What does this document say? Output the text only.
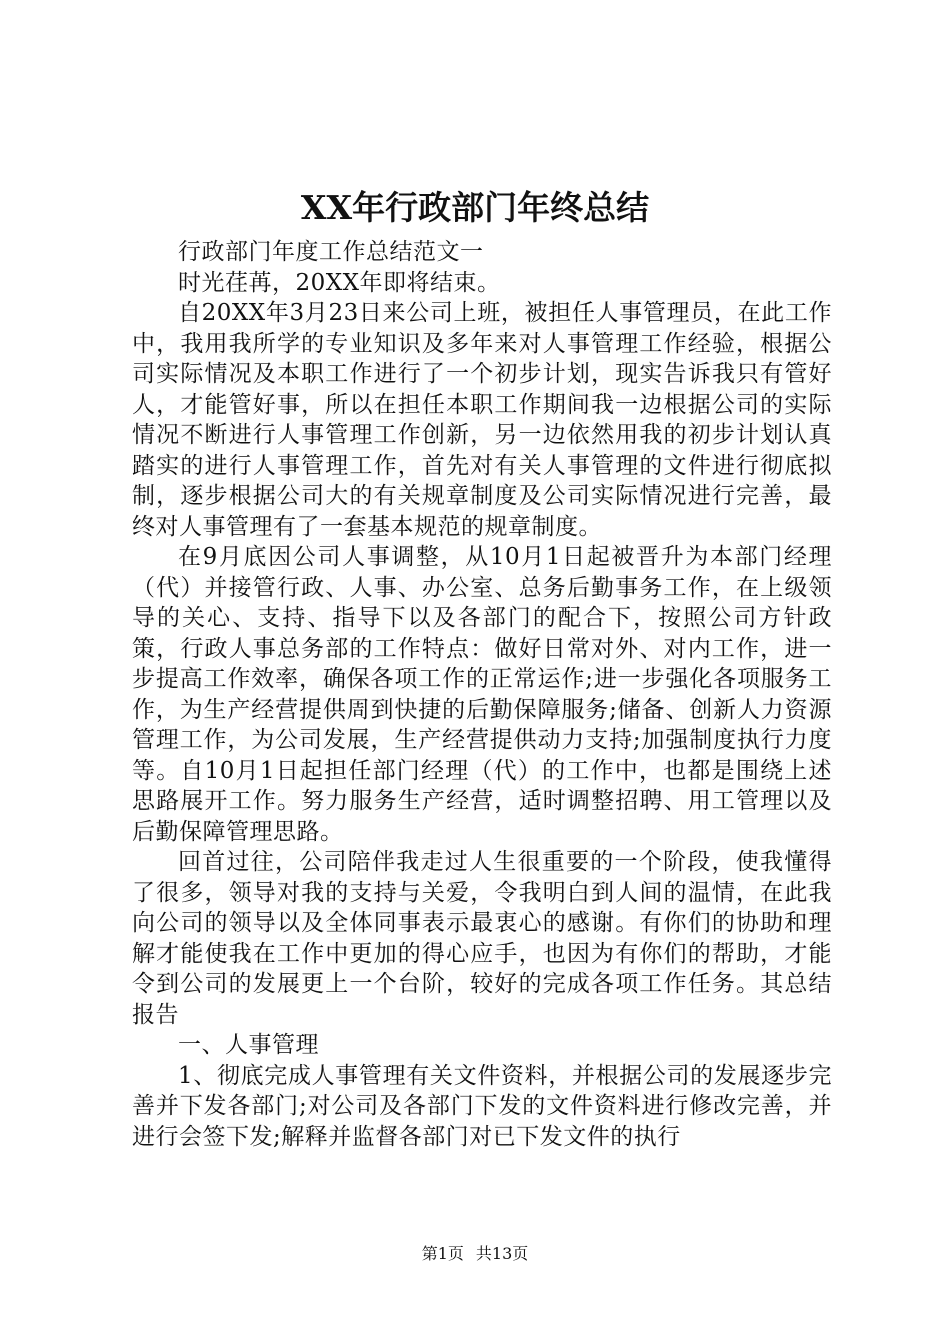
XX年行政部门年终总结

行政部门年度工作总结范文一

时光荏苒，20XX年即将结束。

自20XX年3月23日来公司上班，被担任人事管理员，在此工作中，我用我所学的专业知识及多年来对人事管理工作经验，根据公司实际情况及本职工作进行了一个初步计划，现实告诉我只有管好人，才能管好事，所以在担任本职工作期间我一边根据公司的实际情况不断进行人事管理工作创新，另一边依然用我的初步计划认真踏实的进行人事管理工作，首先对有关人事管理的文件进行彻底拟制，逐步根据公司大的有关规章制度及公司实际情况进行完善，最终对人事管理有了一套基本规范的规章制度。

在9月底因公司人事调整，从10月1日起被晋升为本部门经理（代）并接管行政、人事、办公室、总务后勤事务工作，在上级领导的关心、支持、指导下以及各部门的配合下，按照公司方针政策，行政人事总务部的工作特点：做好日常对外、对内工作，进一步提高工作效率，确保各项工作的正常运作;进一步强化各项服务工作，为生产经营提供周到快捷的后勤保障服务;储备、创新人力资源管理工作，为公司发展，生产经营提供动力支持;加强制度执行力度等。自10月1日起担任部门经理（代）的工作中，也都是围绕上述思路展开工作。努力服务生产经营，适时调整招聘、用工管理以及后勤保障管理思路。

回首过往，公司陪伴我走过人生很重要的一个阶段，使我懂得了很多，领导对我的支持与关爱，令我明白到人间的温情，在此我向公司的领导以及全体同事表示最衷心的感谢。有你们的协助和理解才能使我在工作中更加的得心应手，也因为有你们的帮助，才能令到公司的发展更上一个台阶，较好的完成各项工作任务。其总结报告

一、人事管理

1、彻底完成人事管理有关文件资料，并根据公司的发展逐步完善并下发各部门;对公司及各部门下发的文件资料进行修改完善，并进行会签下发;解释并监督各部门对已下发文件的执行

第1页 共13页
